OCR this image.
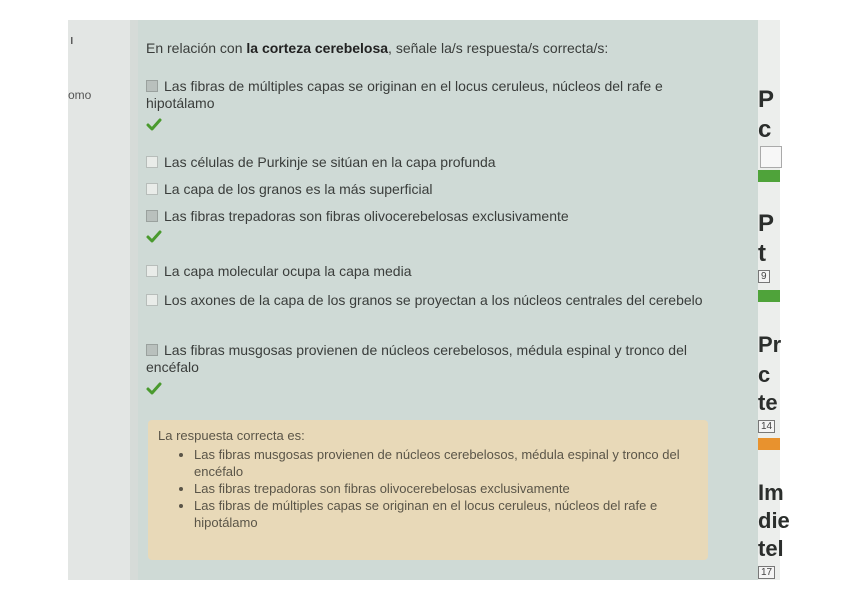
ı
omo
En relación con la corteza cerebelosa, señale la/s respuesta/s correcta/s:
Las fibras de múltiples capas se originan en el locus ceruleus, núcleos del rafe e hipotálamo
Las células de Purkinje se sitúan en la capa profunda
La capa de los granos es la más superficial
Las fibras trepadoras son fibras olivocerebelosas exclusivamente
La capa molecular ocupa la capa media
Los axones de la capa de los granos se proyectan a los núcleos centrales del cerebelo
Las fibras musgosas provienen de núcleos cerebelosos, médula espinal y tronco del encéfalo
La respuesta correcta es:
• Las fibras musgosas provienen de núcleos cerebelosos, médula espinal y tronco del encéfalo
• Las fibras trepadoras son fibras olivocerebelosas exclusivamente
• Las fibras de múltiples capas se originan en el locus ceruleus, núcleos del rafe e hipotálamo
P
c
P
t
9
Pr
c
te
14
Im
die
tel
17
